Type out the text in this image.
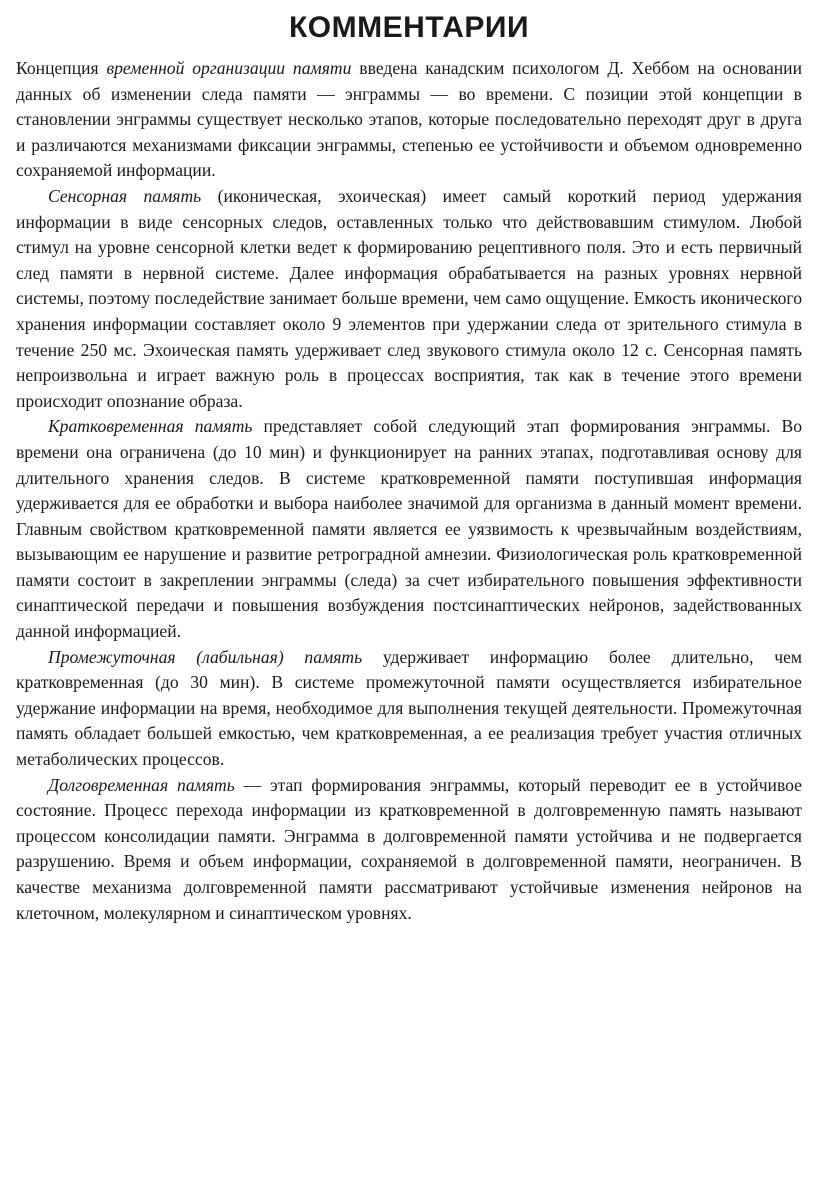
КОММЕНТАРИИ

Концепция временной организации памяти введена канадским психологом Д. Хеббом на основании данных об изменении следа памяти — энграммы — во времени. С позиции этой концепции в становлении энграммы существует несколько этапов, которые последовательно переходят друг в друга и различаются механизмами фиксации энграммы, степенью ее устойчивости и объемом одновременно сохраняемой информации.

Сенсорная память (иконическая, эхоическая) имеет самый короткий период удержания информации в виде сенсорных следов, оставленных только что действовавшим стимулом. Любой стимул на уровне сенсорной клетки ведет к формированию рецептивного поля. Это и есть первичный след памяти в нервной системе. Далее информация обрабатывается на разных уровнях нервной системы, поэтому последействие занимает больше времени, чем само ощущение. Емкость иконического хранения информации составляет около 9 элементов при удержании следа от зрительного стимула в течение 250 мс. Эхоическая память удерживает след звукового стимула около 12 с. Сенсорная память непроизвольна и играет важную роль в процессах восприятия, так как в течение этого времени происходит опознание образа.

Кратковременная память представляет собой следующий этап формирования энграммы. Во времени она ограничена (до 10 мин) и функционирует на ранних этапах, подготавливая основу для длительного хранения следов. В системе кратковременной памяти поступившая информация удерживается для ее обработки и выбора наиболее значимой для организма в данный момент времени. Главным свойством кратковременной памяти является ее уязвимость к чрезвычайным воздействиям, вызывающим ее нарушение и развитие ретроградной амнезии. Физиологическая роль кратковременной памяти состоит в закреплении энграммы (следа) за счет избирательного повышения эффективности синаптической передачи и повышения возбуждения постсинаптических нейронов, задействованных данной информацией.

Промежуточная (лабильная) память удерживает информацию более длительно, чем кратковременная (до 30 мин). В системе промежуточной памяти осуществляется избирательное удержание информации на время, необходимое для выполнения текущей деятельности. Промежуточная память обладает большей емкостью, чем кратковременная, а ее реализация требует участия отличных метаболических процессов.

Долговременная память — этап формирования энграммы, который переводит ее в устойчивое состояние. Процесс перехода информации из кратковременной в долговременную память называют процессом консолидации памяти. Энграмма в долговременной памяти устойчива и не подвергается разрушению. Время и объем информации, сохраняемой в долговременной памяти, неограничен. В качестве механизма долговременной памяти рассматривают устойчивые изменения нейронов на клеточном, молекулярном и синаптическом уровнях.
